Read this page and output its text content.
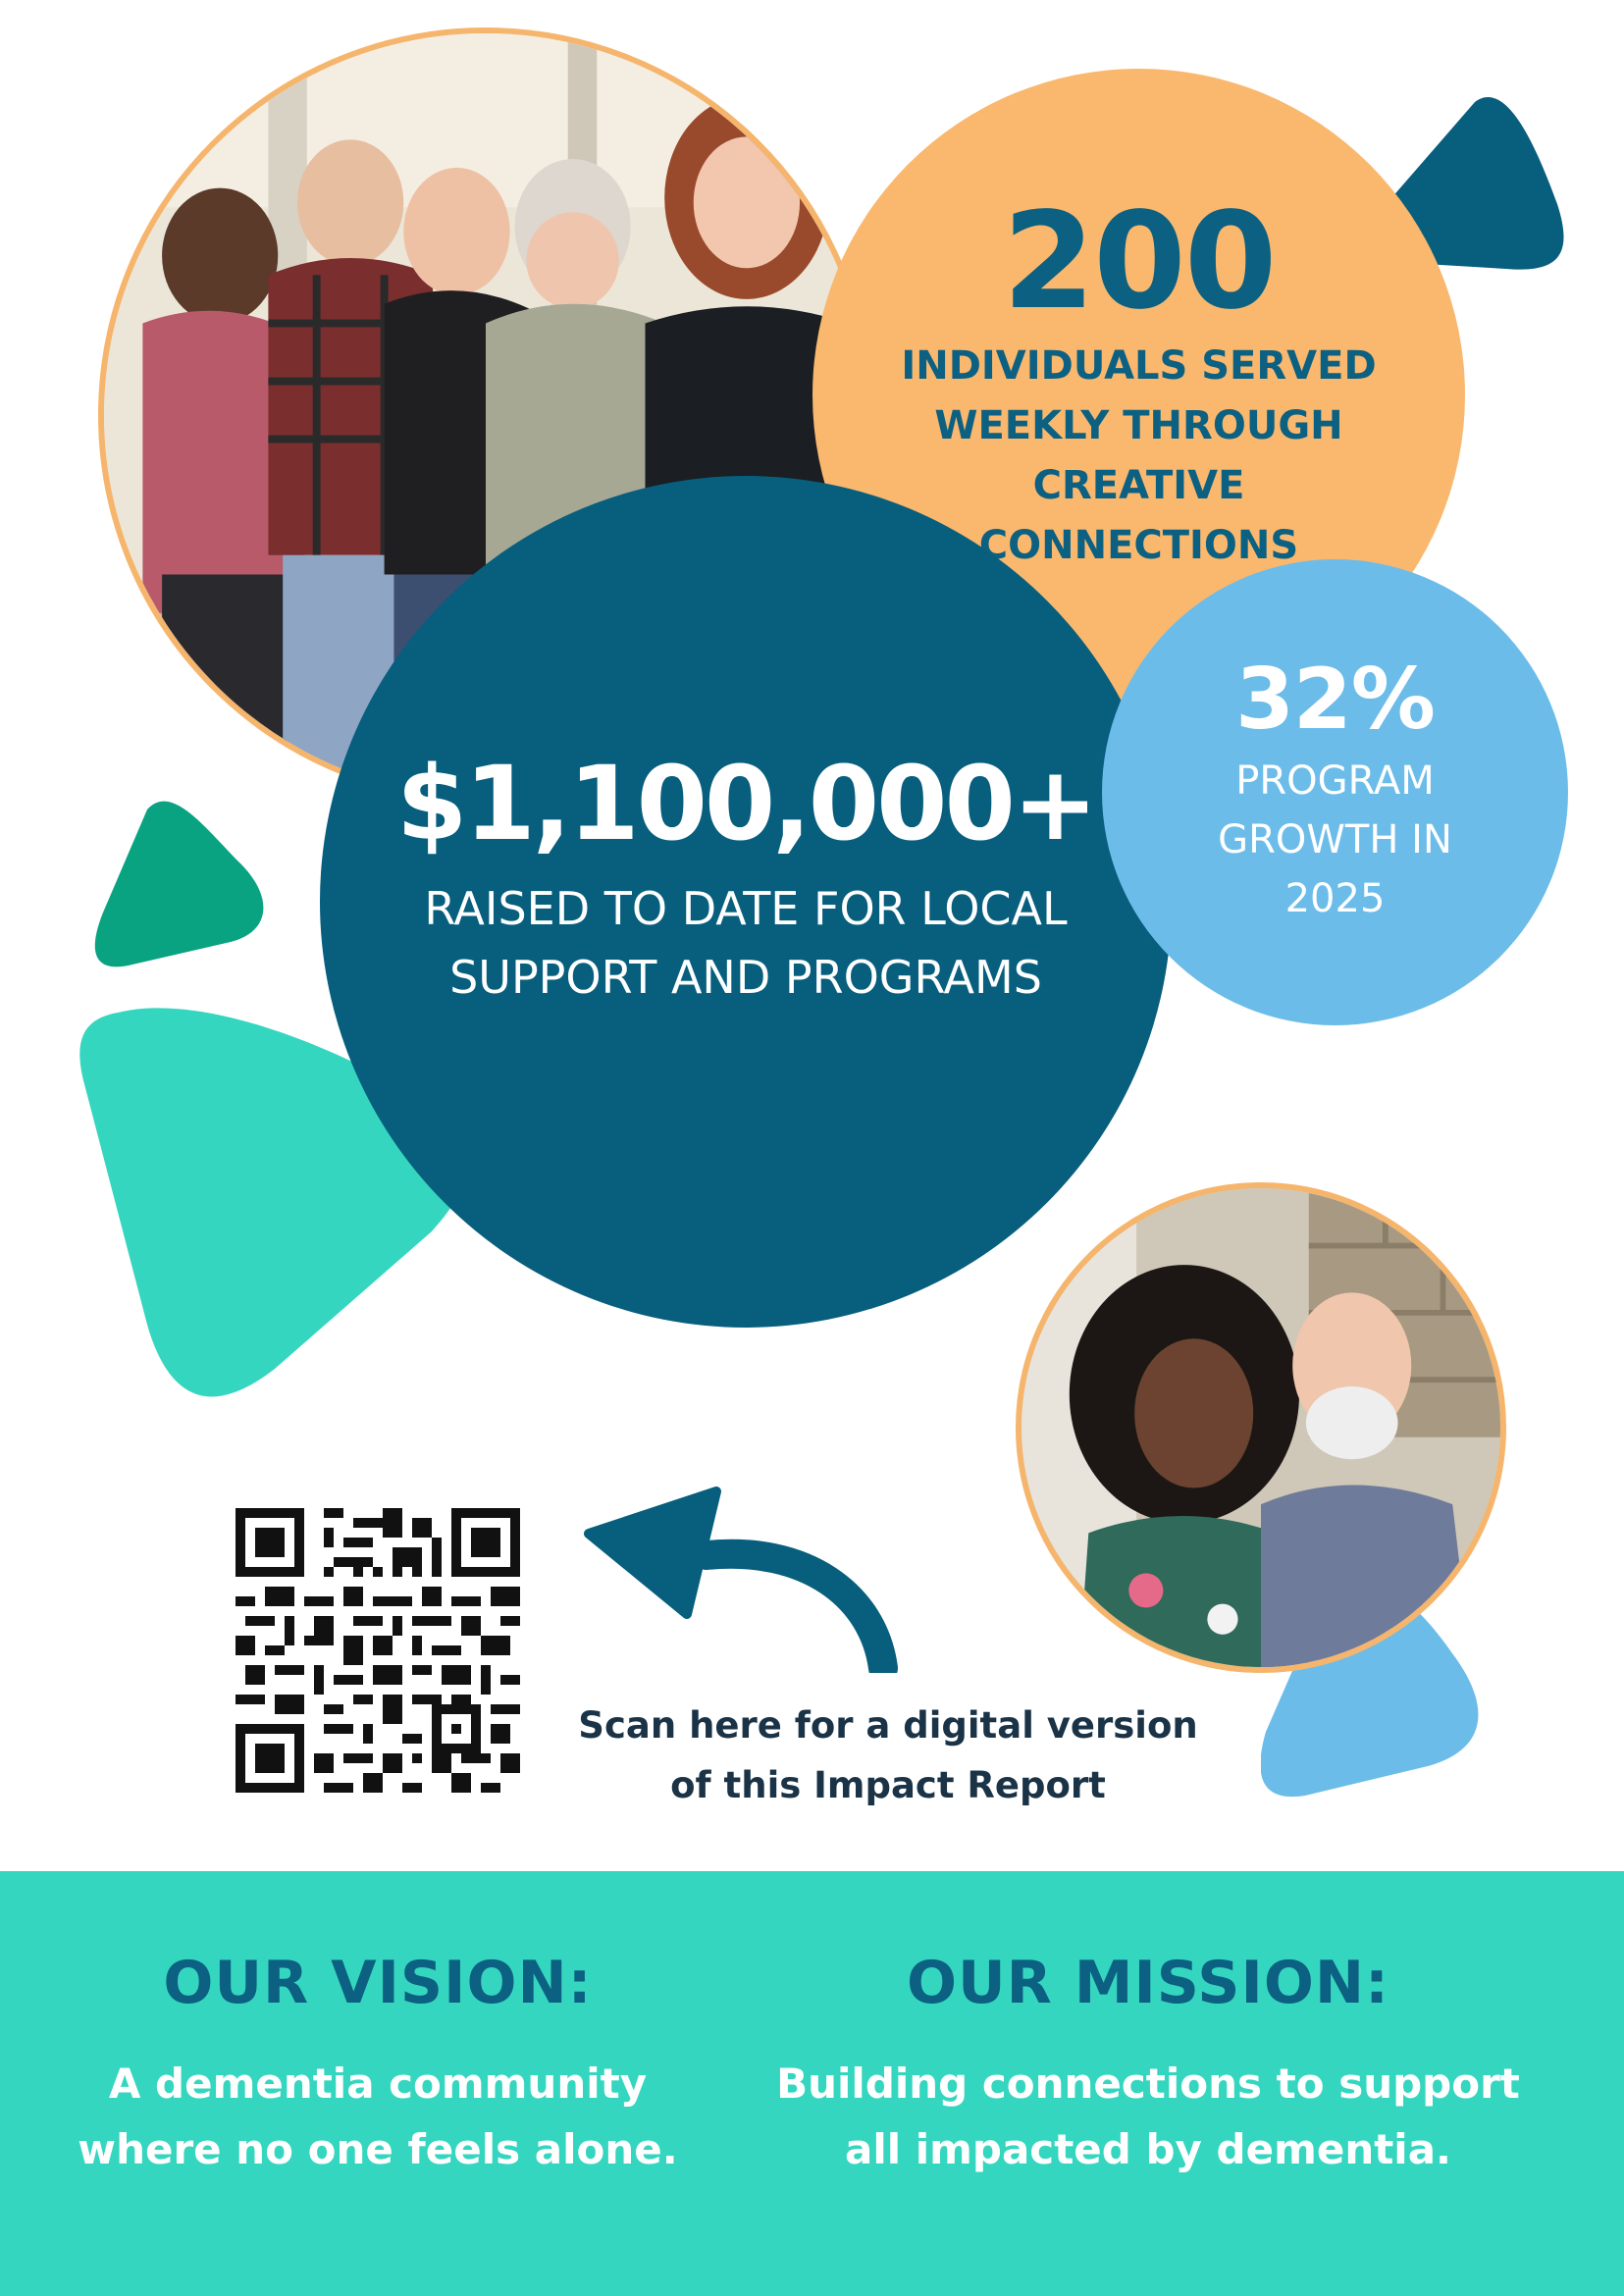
200
INDIVIDUALS SERVED WEEKLY THROUGH CREATIVE CONNECTIONS
$1,100,000+
RAISED TO DATE FOR LOCAL SUPPORT AND PROGRAMS
32%
PROGRAM GROWTH IN 2025
Scan here for a digital version of this Impact Report
OUR VISION:
A dementia community where no one feels alone.
OUR MISSION:
Building connections to support all impacted by dementia.
